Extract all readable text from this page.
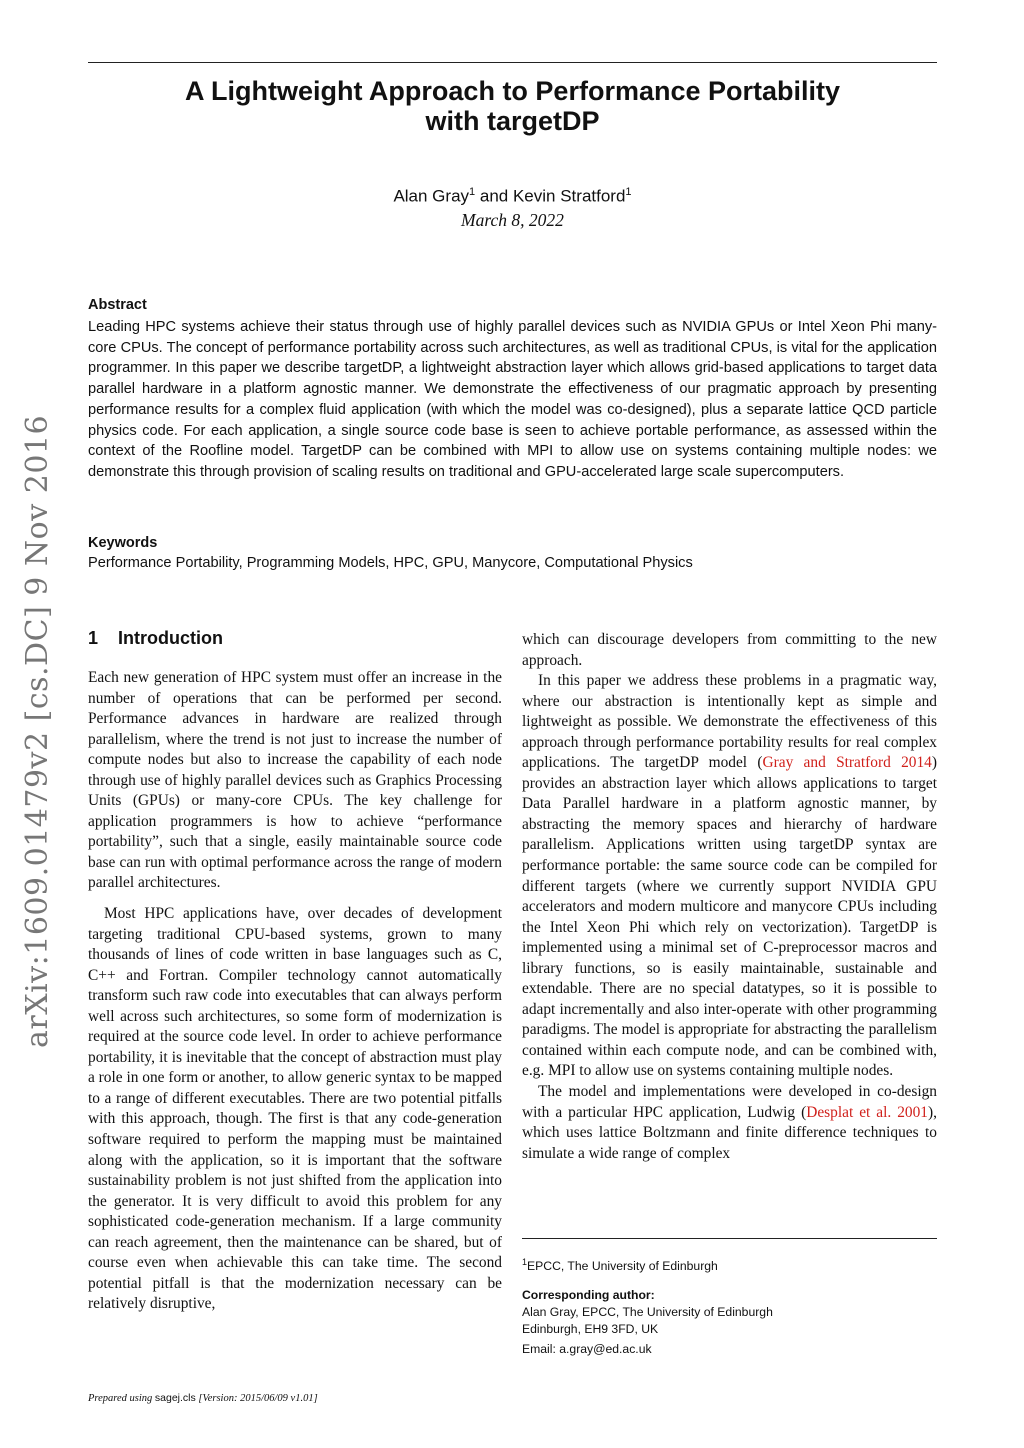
arXiv:1609.01479v2 [cs.DC] 9 Nov 2016
A Lightweight Approach to Performance Portability
with targetDP
Alan Gray$^1$ and Kevin Stratford$^1$
March 8, 2022
Abstract
Leading HPC systems achieve their status through use of highly parallel devices such as NVIDIA GPUs or Intel Xeon Phi many-core CPUs. The concept of performance portability across such architectures, as well as traditional CPUs, is vital for the application programmer. In this paper we describe targetDP, a lightweight abstraction layer which allows grid-based applications to target data parallel hardware in a platform agnostic manner. We demonstrate the effectiveness of our pragmatic approach by presenting performance results for a complex fluid application (with which the model was co-designed), plus a separate lattice QCD particle physics code. For each application, a single source code base is seen to achieve portable performance, as assessed within the context of the Roofline model. TargetDP can be combined with MPI to allow use on systems containing multiple nodes: we demonstrate this through provision of scaling results on traditional and GPU-accelerated large scale supercomputers.
Keywords
Performance Portability, Programming Models, HPC, GPU, Manycore, Computational Physics
1 Introduction

Each new generation of HPC system must offer an increase in the number of operations that can be performed per second. Performance advances in hardware are realized through parallelism, where the trend is not just to increase the number of compute nodes but also to increase the capability of each node through use of highly parallel devices such as Graphics Processing Units (GPUs) or many-core CPUs. The key challenge for application programmers is how to achieve “performance portability”, such that a single, easily maintainable source code base can run with optimal performance across the range of modern parallel architectures.

Most HPC applications have, over decades of development targeting traditional CPU-based systems, grown to many thousands of lines of code written in base languages such as C, C++ and Fortran. Compiler technology cannot automatically transform such raw code into executables that can always perform well across such architectures, so some form of modernization is required at the source code level. In order to achieve performance portability, it is inevitable that the concept of abstraction must play a role in one form or another, to allow generic syntax to be mapped to a range of different executables. There are two potential pitfalls with this approach, though. The first is that any code-generation software required to perform the mapping must be maintained along with the application, so it is important that the software sustainability problem is not just shifted from the application into the generator. It is very difficult to avoid this problem for any sophisticated code-generation mechanism. If a large community can reach agreement, then the maintenance can be shared, but of course even when achievable this can take time. The second potential pitfall is that the modernization necessary can be relatively disruptive,

which can discourage developers from committing to the new approach.

In this paper we address these problems in a pragmatic way, where our abstraction is intentionally kept as simple and lightweight as possible. We demonstrate the effectiveness of this approach through performance portability results for real complex applications. The targetDP model (Gray and Stratford 2014) provides an abstraction layer which allows applications to target Data Parallel hardware in a platform agnostic manner, by abstracting the memory spaces and hierarchy of hardware parallelism. Applications written using targetDP syntax are performance portable: the same source code can be compiled for different targets (where we currently support NVIDIA GPU accelerators and modern multicore and manycore CPUs including the Intel Xeon Phi which rely on vectorization). TargetDP is implemented using a minimal set of C-preprocessor macros and library functions, so is easily maintainable, sustainable and extendable. There are no special datatypes, so it is possible to adapt incrementally and also inter-operate with other programming paradigms. The model is appropriate for abstracting the parallelism contained within each compute node, and can be combined with, e.g. MPI to allow use on systems containing multiple nodes.

The model and implementations were developed in co-design with a particular HPC application, Ludwig (Desplat et al. 2001), which uses lattice Boltzmann and finite difference techniques to simulate a wide range of complex

$^1$EPCC, The University of Edinburgh
Corresponding author:
Alan Gray, EPCC, The University of Edinburgh
Edinburgh, EH9 3FD, UK
Email: a.gray@ed.ac.uk
Prepared using sagej.cls [Version: 2015/06/09 v1.01]
